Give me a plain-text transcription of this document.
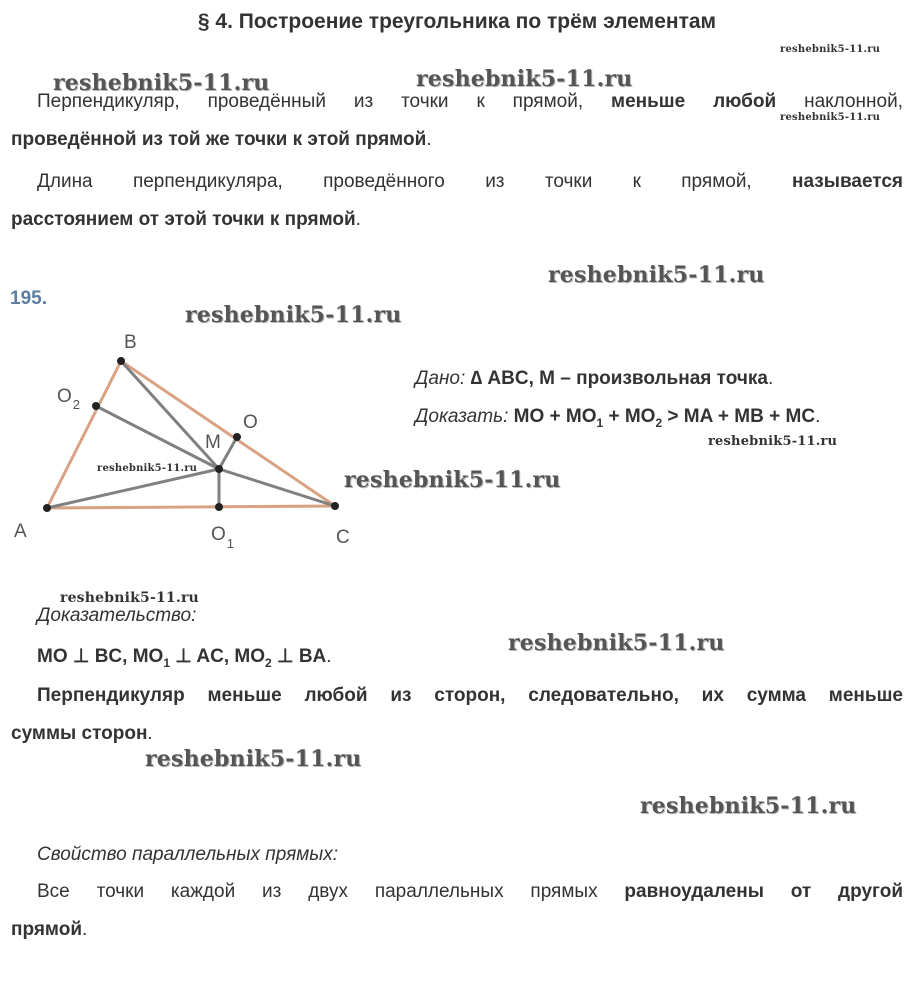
§ 4. Построение треугольника по трём элементам
reshebnik5-11.ru
reshebnik5-11.ru	reshebnik5-11.ru
reshebnik5-11.ru
reshebnik5-11.ru
reshebnik5-11.ru
reshebnik5-11.ru
reshebnik5-11.ru	reshebnik5-11.ru
reshebnik5-11.ru
reshebnik5-11.ru
reshebnik5-11.ru
reshebnik5-11.ru
Перпендикуляр, проведённый из точки к прямой, меньше любой наклонной,
проведённой из той же точки к этой прямой.
Длина перпендикуляра, проведённого из точки к прямой, называется
расстоянием от этой точки к прямой.
195.
A
B
C
M
O
$O_1$
$O_2$
Дано: ∆ ABC, M – произвольная точка.
Доказать: MO + $MO_1 + MO_2$ > MA + MB + MC.
Доказательство:
MO ⊥ BC, $MO_1$ ⊥ AC, $MO_2$ ⊥ BA.
Перпендикуляр меньше любой из сторон, следовательно, их сумма меньше
суммы сторон.
Свойство параллельных прямых:
Все точки каждой из двух параллельных прямых равноудалены от другой
прямой.
